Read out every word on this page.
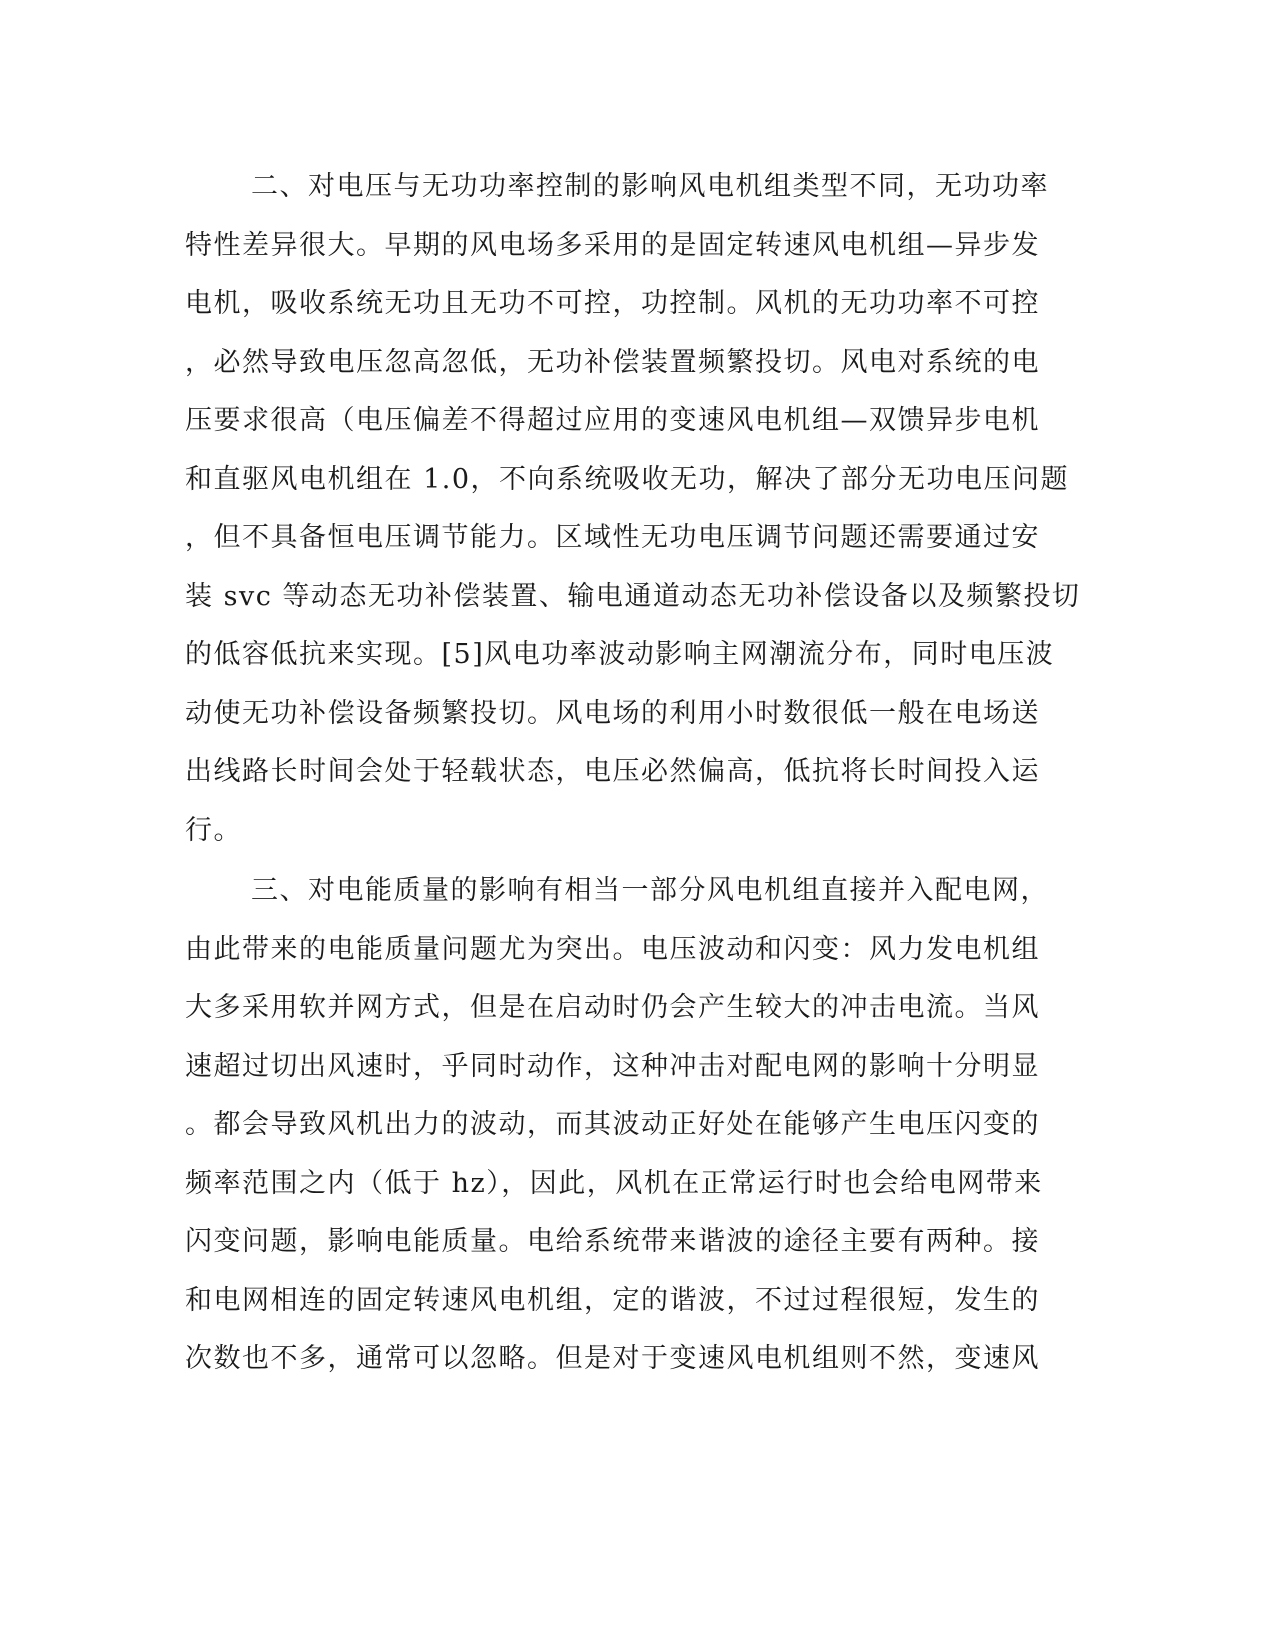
二、对电压与无功功率控制的影响风电机组类型不同，无功功率
特性差异很大。早期的风电场多采用的是固定转速风电机组—异步发
电机，吸收系统无功且无功不可控，功控制。风机的无功功率不可控
，必然导致电压忽高忽低，无功补偿装置频繁投切。风电对系统的电
压要求很高（电压偏差不得超过应用的变速风电机组—双馈异步电机
和直驱风电机组在 1.0，不向系统吸收无功，解决了部分无功电压问题
，但不具备恒电压调节能力。区域性无功电压调节问题还需要通过安
装 svc 等动态无功补偿装置、输电通道动态无功补偿设备以及频繁投切
的低容低抗来实现。[5]风电功率波动影响主网潮流分布，同时电压波
动使无功补偿设备频繁投切。风电场的利用小时数很低一般在电场送
出线路长时间会处于轻载状态，电压必然偏高，低抗将长时间投入运
行。
三、对电能质量的影响有相当一部分风电机组直接并入配电网，
由此带来的电能质量问题尤为突出。电压波动和闪变：风力发电机组
大多采用软并网方式，但是在启动时仍会产生较大的冲击电流。当风
速超过切出风速时，乎同时动作，这种冲击对配电网的影响十分明显
。都会导致风机出力的波动，而其波动正好处在能够产生电压闪变的
频率范围之内（低于 hz），因此，风机在正常运行时也会给电网带来
闪变问题，影响电能质量。电给系统带来谐波的途径主要有两种。接
和电网相连的固定转速风电机组，定的谐波，不过过程很短，发生的
次数也不多，通常可以忽略。但是对于变速风电机组则不然，变速风
